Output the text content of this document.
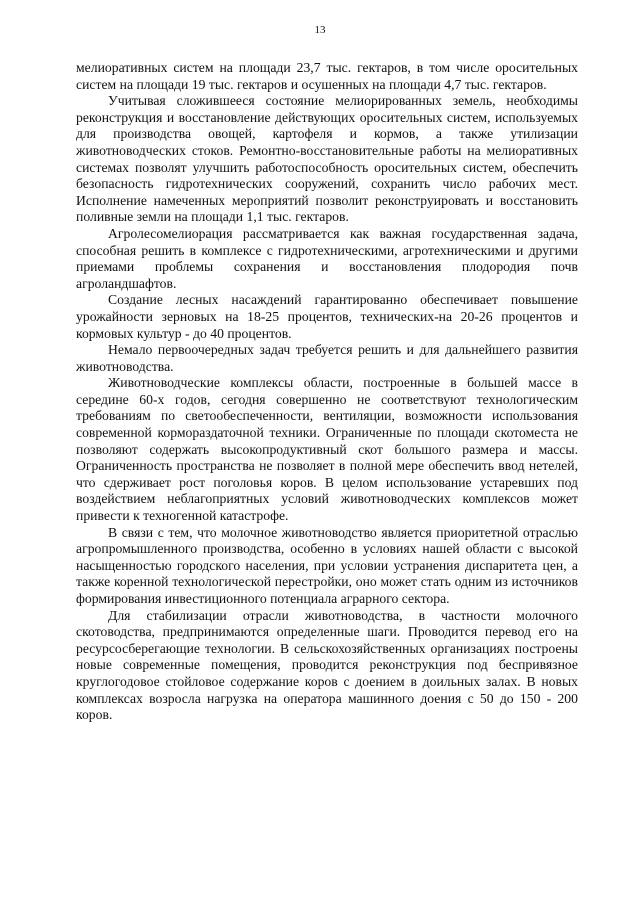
13

мелиоративных систем на площади 23,7 тыс. гектаров, в том числе оросительных систем на площади 19 тыс. гектаров и осушенных на площади 4,7 тыс. гектаров.

Учитывая сложившееся состояние мелиорированных земель, необходимы реконструкция и восстановление действующих оросительных систем, используемых для производства овощей, картофеля и кормов, а также утилизации животноводческих стоков. Ремонтно-восстановительные работы на мелиоративных системах позволят улучшить работоспособность оросительных систем, обеспечить безопасность гидротехнических сооружений, сохранить число рабочих мест. Исполнение намеченных мероприятий позволит реконструировать и восстановить поливные земли на площади 1,1 тыс. гектаров.

Агролесомелиорация рассматривается как важная государственная задача, способная решить в комплексе с гидротехническими, агротехническими и другими приемами проблемы сохранения и восстановления плодородия почв агроландшафтов.

Создание лесных насаждений гарантированно обеспечивает повышение урожайности зерновых на 18-25 процентов, технических-на 20-26 процентов и кормовых культур - до 40 процентов.

Немало первоочередных задач требуется решить и для дальнейшего развития животноводства.

Животноводческие комплексы области, построенные в большей массе в середине 60-х годов, сегодня совершенно не соответствуют технологическим требованиям по светообеспеченности, вентиляции, возможности использования современной кормораздаточной техники. Ограниченные по площади скотоместа не позволяют содержать высокопродуктивный скот большого размера и массы. Ограниченность пространства не позволяет в полной мере обеспечить ввод нетелей, что сдерживает рост поголовья коров. В целом использование устаревших под воздействием неблагоприятных условий животноводческих комплексов может привести к техногенной катастрофе.

В связи с тем, что молочное животноводство является приоритетной отраслью агропромышленного производства, особенно в условиях нашей области с высокой насыщенностью городского населения, при условии устранения диспаритета цен, а также коренной технологической перестройки, оно может стать одним из источников формирования инвестиционного потенциала аграрного сектора.

Для стабилизации отрасли животноводства, в частности молочного скотоводства, предпринимаются определенные шаги. Проводится перевод его на ресурсосберегающие технологии. В сельскохозяйственных организациях построены новые современные помещения, проводится реконструкция под беспривязное круглогодовое стойловое содержание коров с доением в доильных залах. В новых комплексах возросла нагрузка на оператора машинного доения с 50 до 150 - 200 коров.
